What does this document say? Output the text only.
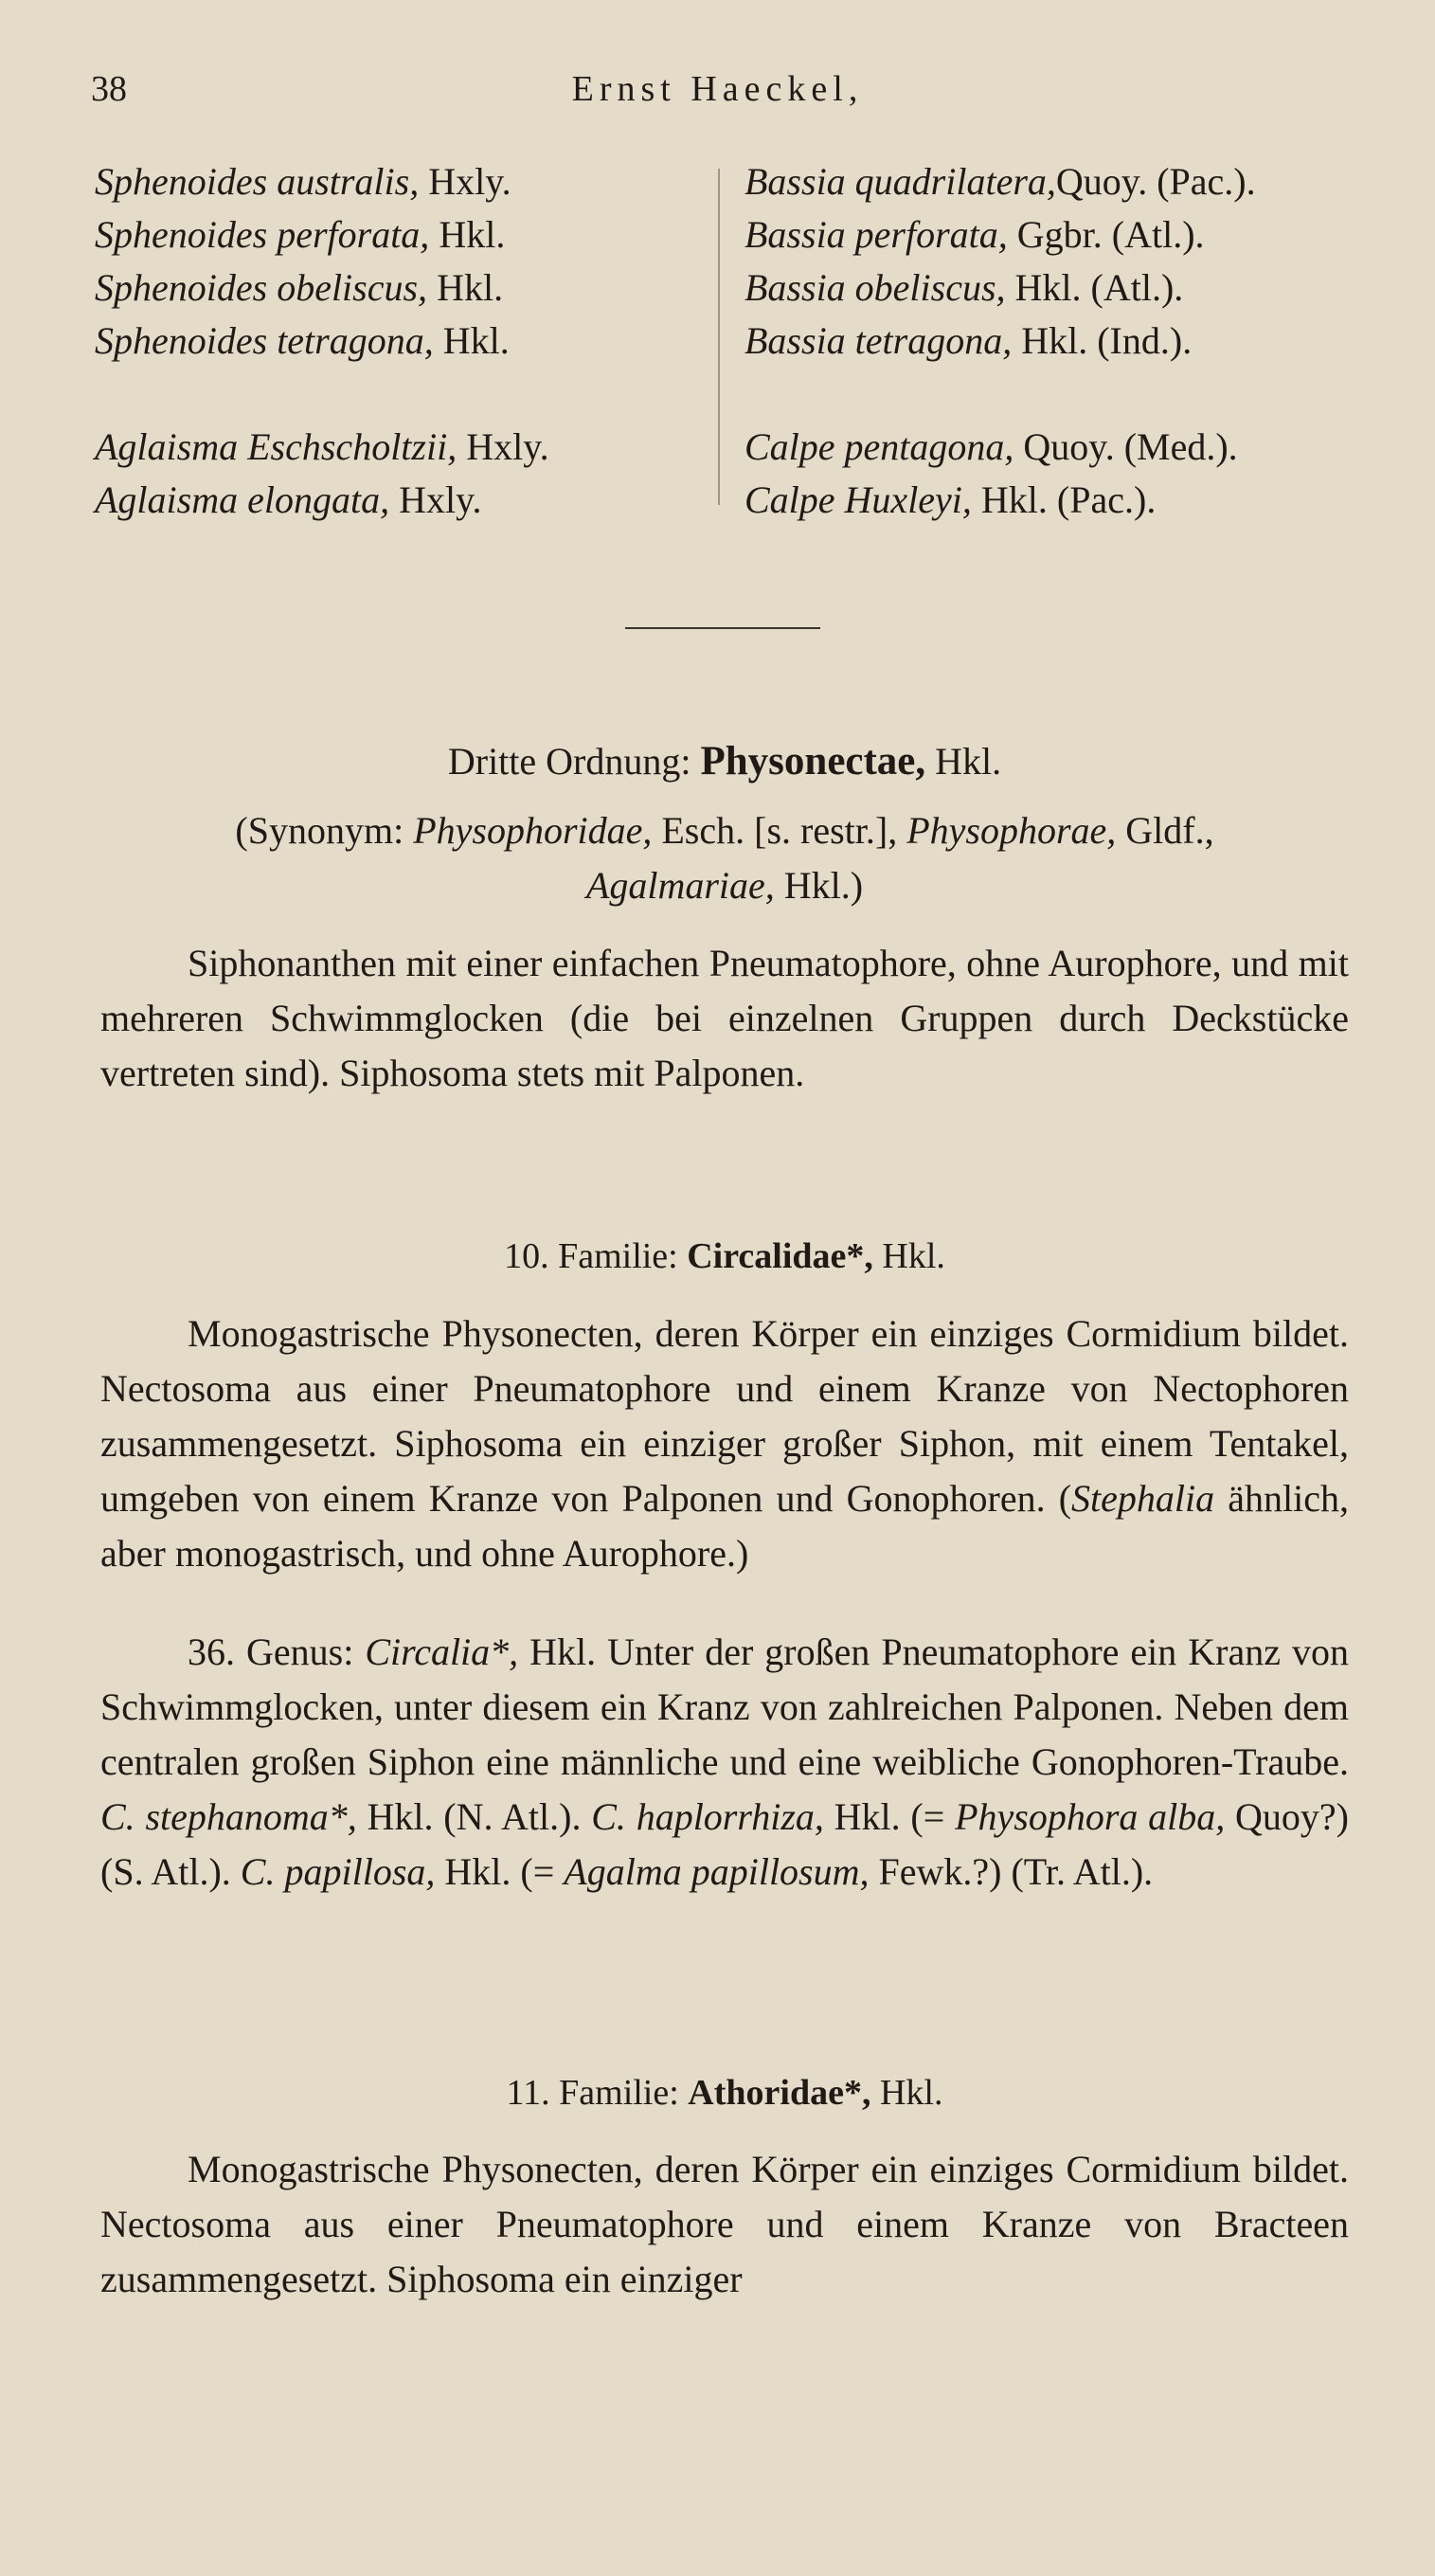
38	Ernst Haeckel,
Sphenoides australis, Hxly.
Sphenoides perforata, Hkl.
Sphenoides obeliscus, Hkl.
Sphenoides tetragona, Hkl.
Aglaisma Eschscholtzii, Hxly.
Aglaisma elongata, Hxly.
Bassia quadrilatera,Quoy. (Pac.).
Bassia perforata, Ggbr. (Atl.).
Bassia obeliscus, Hkl. (Atl.).
Bassia tetragona, Hkl. (Ind.).
Calpe pentagona, Quoy. (Med.).
Calpe Huxleyi, Hkl. (Pac.).
Dritte Ordnung: Physonectae, Hkl.
(Synonym: Physophoridae, Esch. [s. restr.], Physophorae, Gldf.,
Agalmariae, Hkl.)
Siphonanthen mit einer einfachen Pneumatophore, ohne Aurophore, und mit mehreren Schwimmglocken (die bei einzelnen Gruppen durch Deckstücke vertreten sind). Siphosoma stets mit Palponen.
10. Familie: Circalidae*, Hkl.
Monogastrische Physonecten, deren Körper ein einziges Cormidium bildet. Nectosoma aus einer Pneumatophore und einem Kranze von Nectophoren zusammengesetzt. Siphosoma ein einziger großer Siphon, mit einem Tentakel, umgeben von einem Kranze von Palponen und Gonophoren. (Stephalia ähnlich, aber monogastrisch, und ohne Aurophore.)
36. Genus: Circalia*, Hkl. Unter der großen Pneumatophore ein Kranz von Schwimmglocken, unter diesem ein Kranz von zahlreichen Palponen. Neben dem centralen großen Siphon eine männliche und eine weibliche Gonophoren-Traube. C. stephanoma*, Hkl. (N. Atl.). C. haplorrhiza, Hkl. (= Physophora alba, Quoy?) (S. Atl.). C. papillosa, Hkl. (= Agalma papillosum, Fewk.?) (Tr. Atl.).
11. Familie: Athoridae*, Hkl.
Monogastrische Physonecten, deren Körper ein einziges Cormidium bildet. Nectosoma aus einer Pneumatophore und einem Kranze von Bracteen zusammengesetzt. Siphosoma ein einziger
